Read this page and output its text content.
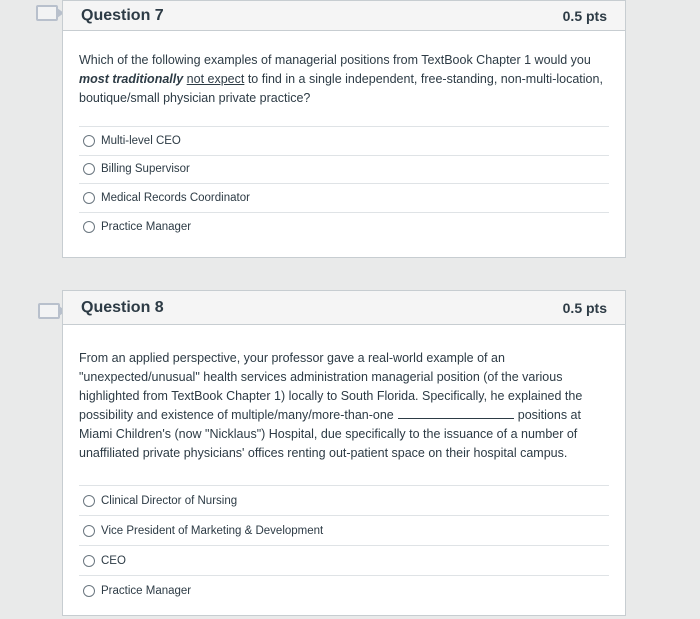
Question 7	0.5 pts

Which of the following examples of managerial positions from TextBook Chapter 1 would you most traditionally not expect to find in a single independent, free-standing, non-multi-location, boutique/small physician private practice?

Multi-level CEO
Billing Supervisor
Medical Records Coordinator
Practice Manager
Question 8	0.5 pts

From an applied perspective, your professor gave a real-world example of an "unexpected/unusual" health services administration managerial position (of the various highlighted from TextBook Chapter 1) locally to South Florida. Specifically, he explained the possibility and existence of multiple/many/more-than-one	positions at Miami Children's (now "Nicklaus") Hospital, due specifically to the issuance of a number of unaffiliated private physicians' offices renting out-patient space on their hospital campus.

Clinical Director of Nursing
Vice President of Marketing & Development
CEO
Practice Manager
